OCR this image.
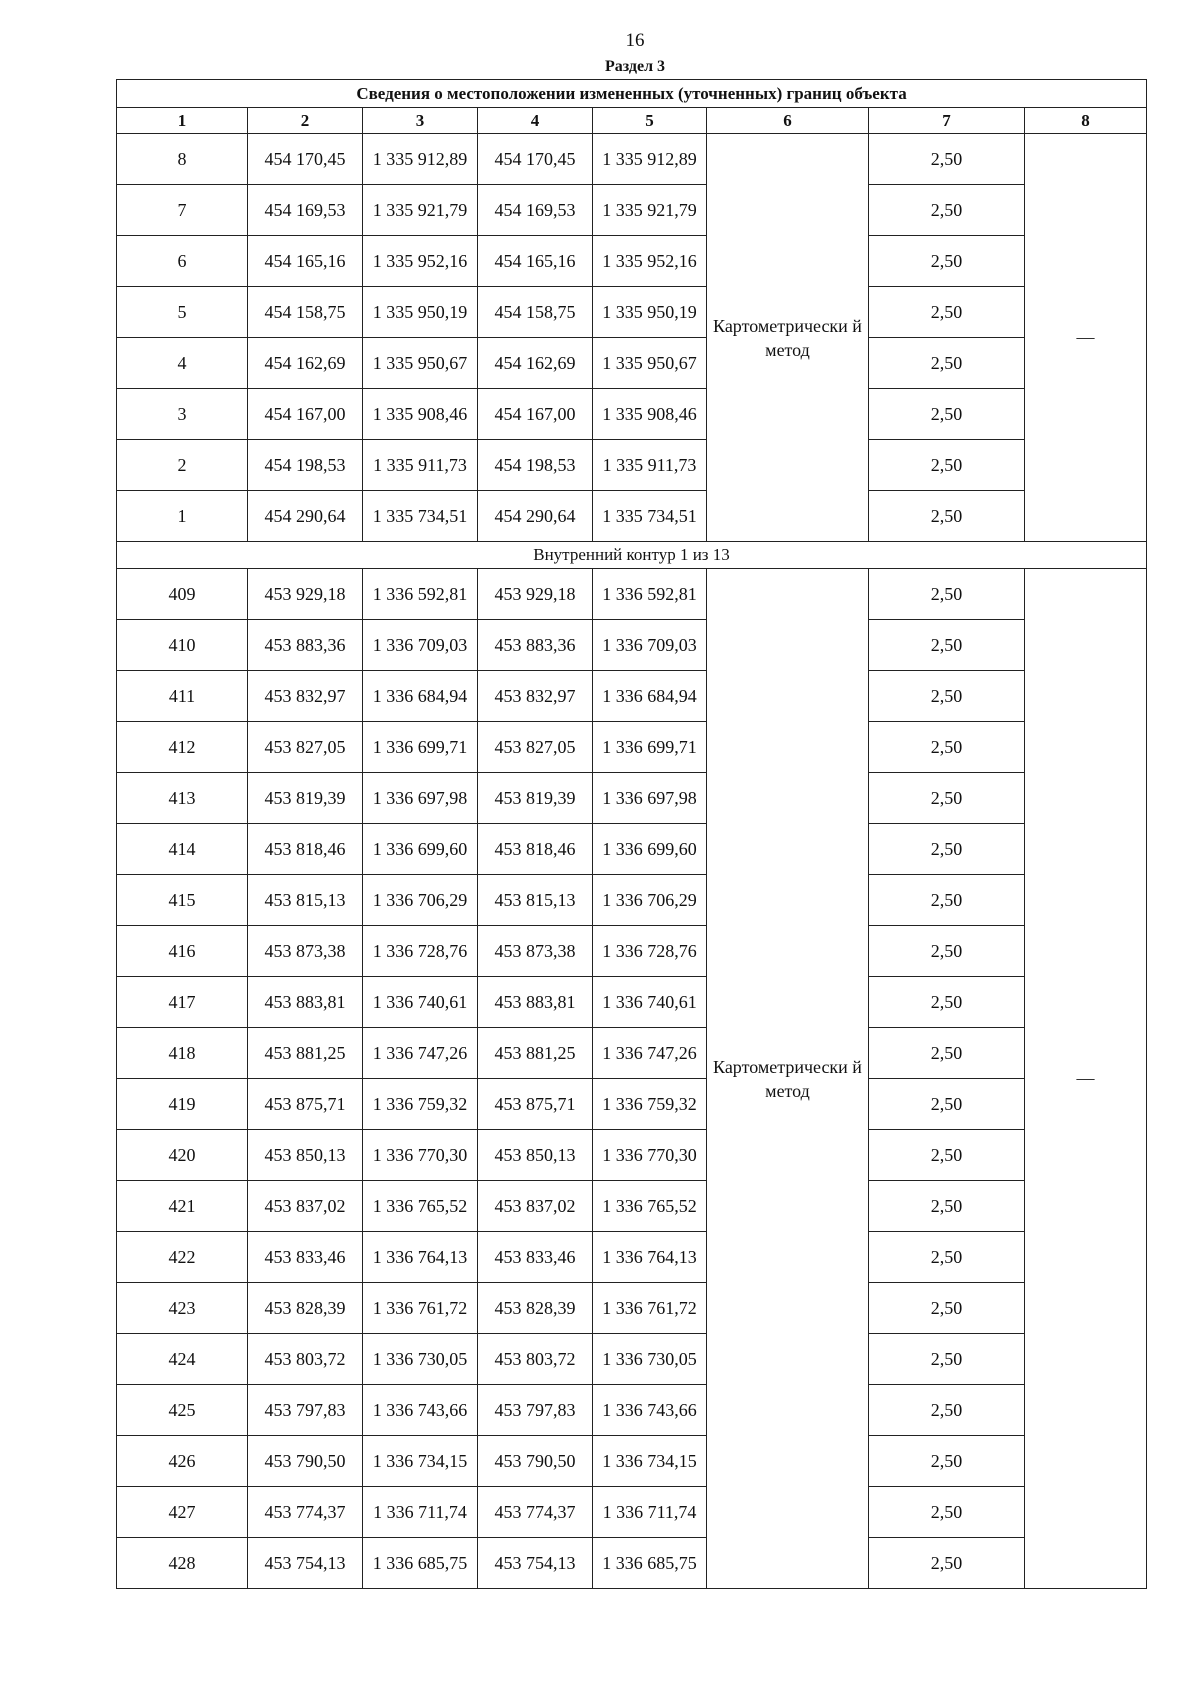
16
Раздел 3
Сведения о местоположении измененных (уточненных) границ объекта							
1	2	3	4	5	6	7	8
8	454 170,45	1 335 912,89	454 170,45	1 335 912,89	Картометрически й метод	2,50	—
7	454 169,53	1 335 921,79	454 169,53	1 335 921,79		2,50	
6	454 165,16	1 335 952,16	454 165,16	1 335 952,16		2,50	
5	454 158,75	1 335 950,19	454 158,75	1 335 950,19		2,50	
4	454 162,69	1 335 950,67	454 162,69	1 335 950,67		2,50	
3	454 167,00	1 335 908,46	454 167,00	1 335 908,46		2,50	
2	454 198,53	1 335 911,73	454 198,53	1 335 911,73		2,50	
1	454 290,64	1 335 734,51	454 290,64	1 335 734,51		2,50	
Внутренний контур 1 из 13							
409	453 929,18	1 336 592,81	453 929,18	1 336 592,81	Картометрически й метод	2,50	—
410	453 883,36	1 336 709,03	453 883,36	1 336 709,03		2,50	
411	453 832,97	1 336 684,94	453 832,97	1 336 684,94		2,50	
412	453 827,05	1 336 699,71	453 827,05	1 336 699,71		2,50	
413	453 819,39	1 336 697,98	453 819,39	1 336 697,98		2,50	
414	453 818,46	1 336 699,60	453 818,46	1 336 699,60		2,50	
415	453 815,13	1 336 706,29	453 815,13	1 336 706,29		2,50	
416	453 873,38	1 336 728,76	453 873,38	1 336 728,76		2,50	
417	453 883,81	1 336 740,61	453 883,81	1 336 740,61		2,50	
418	453 881,25	1 336 747,26	453 881,25	1 336 747,26		2,50	
419	453 875,71	1 336 759,32	453 875,71	1 336 759,32		2,50	
420	453 850,13	1 336 770,30	453 850,13	1 336 770,30		2,50	
421	453 837,02	1 336 765,52	453 837,02	1 336 765,52		2,50	
422	453 833,46	1 336 764,13	453 833,46	1 336 764,13		2,50	
423	453 828,39	1 336 761,72	453 828,39	1 336 761,72		2,50	
424	453 803,72	1 336 730,05	453 803,72	1 336 730,05		2,50	
425	453 797,83	1 336 743,66	453 797,83	1 336 743,66		2,50	
426	453 790,50	1 336 734,15	453 790,50	1 336 734,15		2,50	
427	453 774,37	1 336 711,74	453 774,37	1 336 711,74		2,50	
428	453 754,13	1 336 685,75	453 754,13	1 336 685,75		2,50	
